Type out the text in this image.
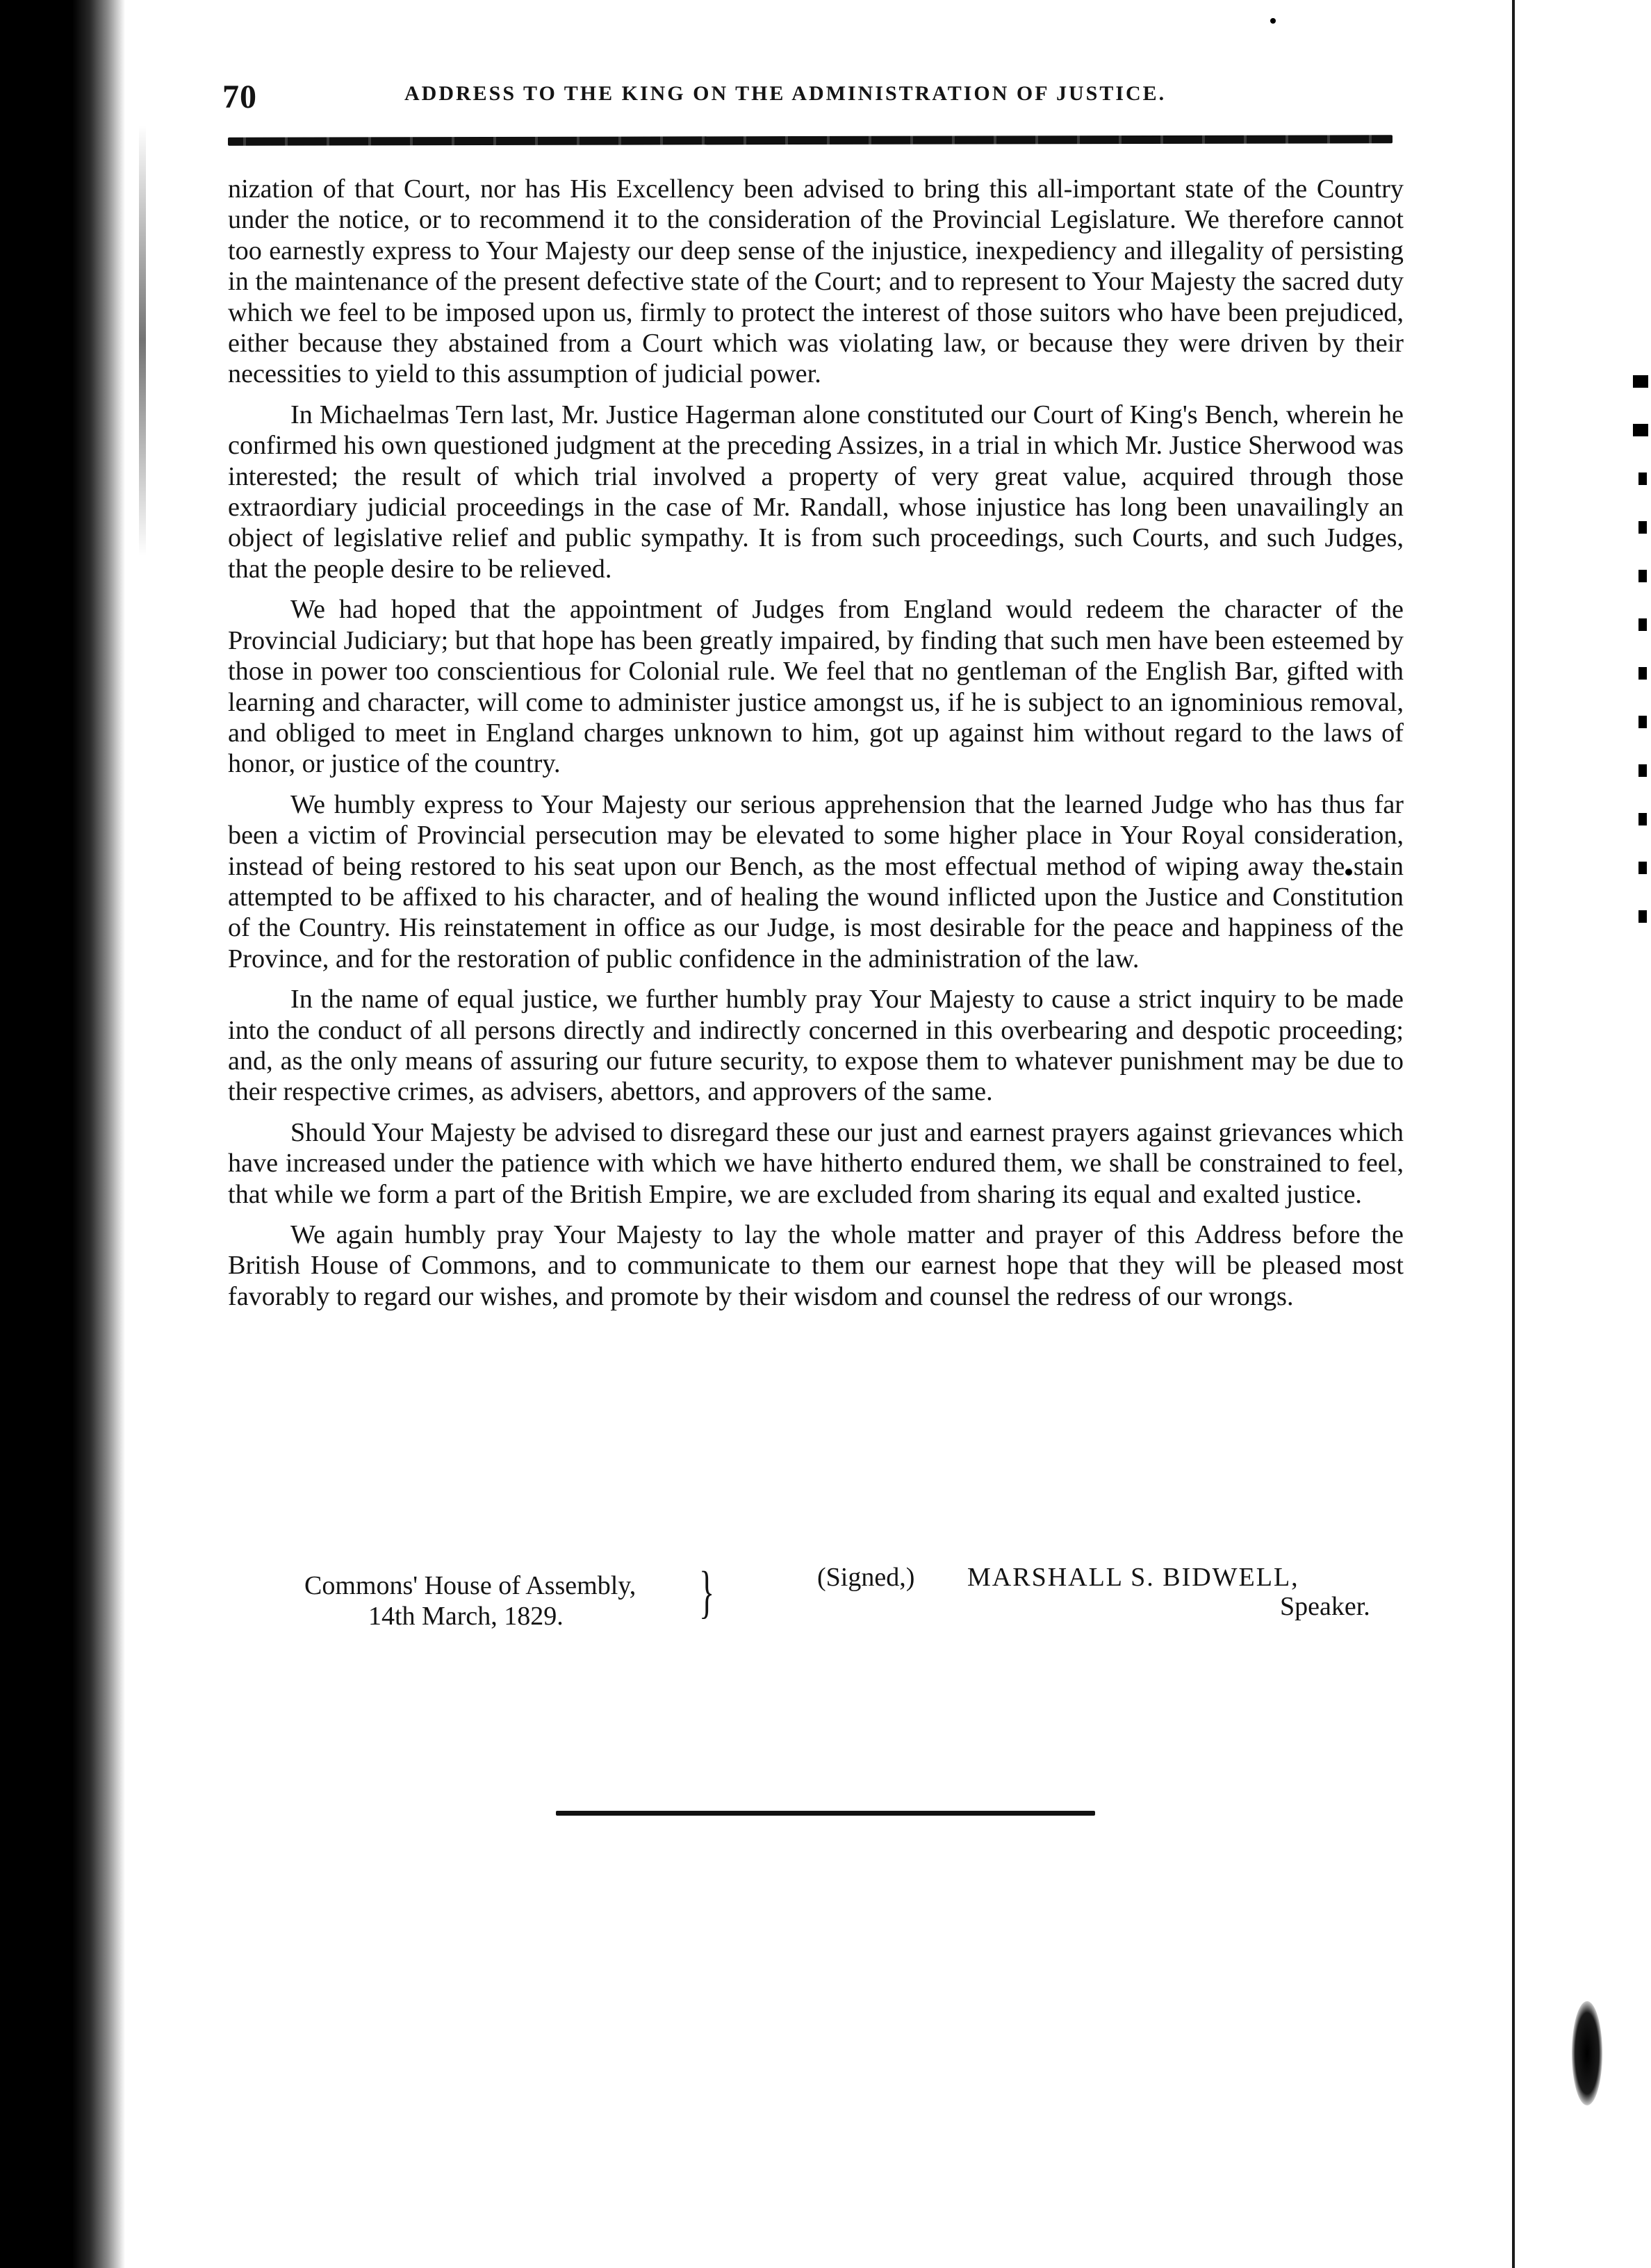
70	ADDRESS TO THE KING ON THE ADMINISTRATION OF JUSTICE.

nization of that Court, nor has His Excellency been advised to bring this all-important state of the Country under the notice, or to recommend it to the consideration of the Provincial Legislature. We therefore cannot too earnestly express to Your Majesty our deep sense of the injustice, inexpediency and illegality of persisting in the maintenance of the present defective state of the Court; and to represent to Your Majesty the sacred duty which we feel to be imposed upon us, firmly to protect the interest of those suitors who have been prejudiced, either because they abstained from a Court which was violating law, or because they were driven by their necessities to yield to this assumption of judicial power.

In Michaelmas Tern last, Mr. Justice Hagerman alone constituted our Court of King's Bench, wherein he confirmed his own questioned judgment at the preceding Assizes, in a trial in which Mr. Justice Sherwood was interested; the result of which trial involved a property of very great value, acquired through those extraordiary judicial proceedings in the case of Mr. Randall, whose injustice has long been unavailingly an object of legislative relief and public sympathy. It is from such proceedings, such Courts, and such Judges, that the people desire to be relieved.

We had hoped that the appointment of Judges from England would redeem the character of the Provincial Judiciary; but that hope has been greatly impaired, by finding that such men have been esteemed by those in power too conscientious for Colonial rule. We feel that no gentleman of the English Bar, gifted with learning and character, will come to administer justice amongst us, if he is subject to an ignominious removal, and obliged to meet in England charges unknown to him, got up against him without regard to the laws of honor, or justice of the country.

We humbly express to Your Majesty our serious apprehension that the learned Judge who has thus far been a victim of Provincial persecution may be elevated to some higher place in Your Royal consideration, instead of being restored to his seat upon our Bench, as the most effectual method of wiping away the stain attempted to be affixed to his character, and of healing the wound inflicted upon the Justice and Constitution of the Country. His reinstatement in office as our Judge, is most desirable for the peace and happiness of the Province, and for the restoration of public confidence in the administration of the law.

In the name of equal justice, we further humbly pray Your Majesty to cause a strict inquiry to be made into the conduct of all persons directly and indirectly concerned in this overbearing and despotic proceeding; and, as the only means of assuring our future security, to expose them to whatever punishment may be due to their respective crimes, as advisers, abettors, and approvers of the same.

Should Your Majesty be advised to disregard these our just and earnest prayers against grievances which have increased under the patience with which we have hitherto endured them, we shall be constrained to feel, that while we form a part of the British Empire, we are excluded from sharing its equal and exalted justice.

We again humbly pray Your Majesty to lay the whole matter and prayer of this Address before the British House of Commons, and to communicate to them our earnest hope that they will be pleased most favorably to regard our wishes, and promote by their wisdom and counsel the redress of our wrongs.

Commons' House of Assembly,
14th March, 1829. }	(Signed,) MARSHALL S. BIDWELL,
Speaker.
